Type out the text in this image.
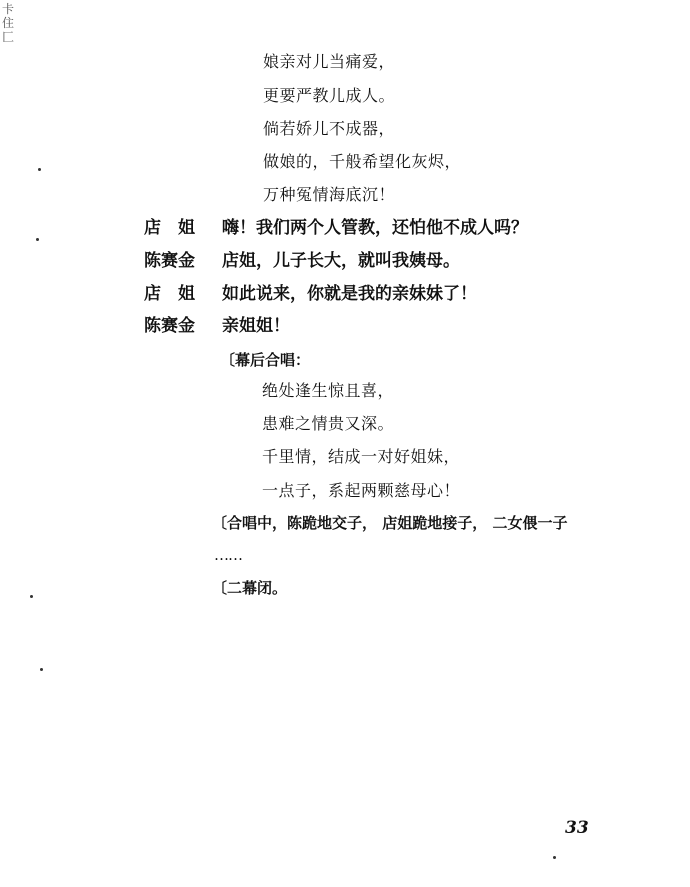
卡住匚
娘亲对儿当痛爱，
更要严教儿成人。
倘若娇儿不成器，
做娘的，千般希望化灰烬，
万种冤情海底沉！
店　姐 嗨！我们两个人管教，还怕他不成人吗？
陈赛金 店姐，儿子长大，就叫我姨母。
店　姐 如此说来，你就是我的亲妹妹了！
陈赛金 亲姐姐！
〔幕后合唱：
绝处逢生惊且喜，
患难之情贵又深。
千里情，结成一对好姐妹，
一点子，系起两颗慈母心！
〔合唱中，陈跪地交子， 店姐跪地接子， 二女偎一子
……
〔二幕闭。
33
